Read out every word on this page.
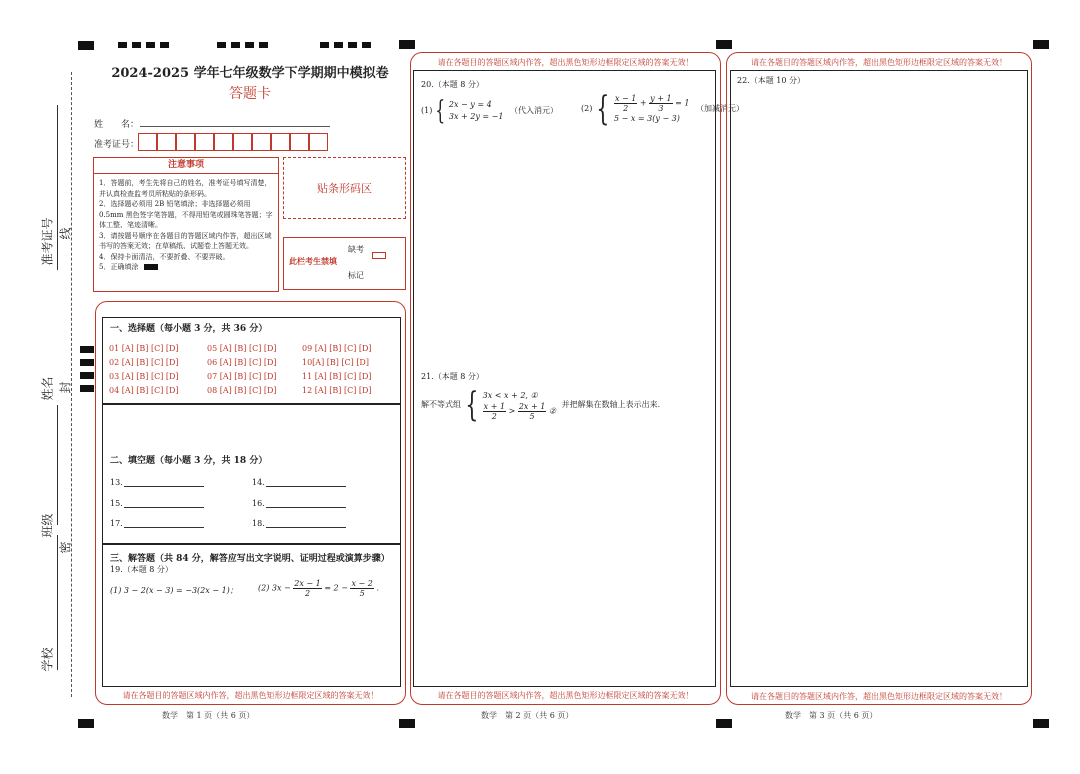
准考证号 线
姓名 封
班级
密
学校
2024-2025 学年七年级数学下学期期中模拟卷
答题卡
姓　　名：
准考证号：
注意事项
1．答题前，考生先将自己的姓名，准考证号填写清楚，并认真检查监考员所粘贴的条形码。
2．选择题必须用 2B 铅笔填涂；非选择题必须用 0.5mm 黑色签字笔答题，不得用铅笔或圆珠笔答题；字体工整、笔迹清晰。
3．请按题号顺序在各题目的答题区域内作答，超出区域书写的答案无效；在草稿纸、试题卷上答题无效。
4．保持卡面清洁，不要折叠、不要弄破。
5．正确填涂
贴条形码区
此栏考生禁填
缺考
标记
一、选择题（每小题 3 分，共 36 分）
01 [A] [B] [C] [D]	05 [A] [B] [C] [D]	09 [A] [B] [C] [D]
02 [A] [B] [C] [D]	06 [A] [B] [C] [D]	10[A] [B] [C] [D]
03 [A] [B] [C] [D]	07 [A] [B] [C] [D]	11 [A] [B] [C] [D]
04 [A] [B] [C] [D]	08 [A] [B] [C] [D]	12 [A] [B] [C] [D]
二、填空题（每小题 3 分，共 18 分）
13.	14.
15.	16.
17.	18.
三、解答题（共 84 分，解答应写出文字说明、证明过程或演算步骤）
19.（本题 8 分）
(1) 3 − 2(x − 3) = −3(2x − 1)；	(2) $3x - \frac{2x - 1}{2} = 2 - \frac{x - 2}{5}$ ．
请在各题目的答题区域内作答，超出黑色矩形边框限定区域的答案无效！
数学　第 1 页（共 6 页）
请在各题目的答题区域内作答，超出黑色矩形边框限定区域的答案无效！
20.（本题 8 分）
(1) { 2x − y = 4
3x + 2y = −1
（代入消元）	(2) { $\frac{x - 1}{2} + \frac{y + 1}{3} = 1$
5 − x = 3(y − 3)
（加减消元）
21.（本题 8 分）
解不等式组 { 3x < x + 2, ①
$\frac{x + 1}{2} > \frac{2x + 1}{5}$ ②
并把解集在数轴上表示出来.
请在各题目的答题区域内作答，超出黑色矩形边框限定区域的答案无效！
数学　第 2 页（共 6 页）
请在各题目的答题区域内作答，超出黑色矩形边框限定区域的答案无效！
22.（本题 10 分）
请在各题目的答题区域内作答，超出黑色矩形边框限定区域的答案无效！
数学　第 3 页（共 6 页）
